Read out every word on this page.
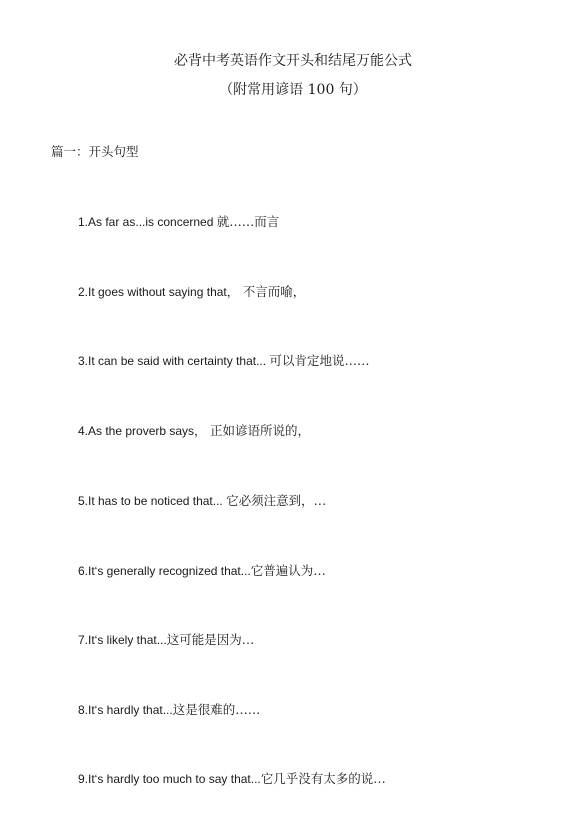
必背中考英语作文开头和结尾万能公式
（附常用谚语 100 句）
篇一：开头句型
1.As far as...is concerned 就……而言
2.It goes without saying that， 不言而喻，
3.It can be said with certainty that... 可以肯定地说……
4.As the proverb says， 正如谚语所说的，
5.It has to be noticed that... 它必须注意到，…
6.It‘s generally recognized that...它普遍认为…
7.It‘s likely that...这可能是因为…
8.It‘s hardly that...这是很难的……
9.It‘s hardly too much to say that...它几乎没有太多的说…
